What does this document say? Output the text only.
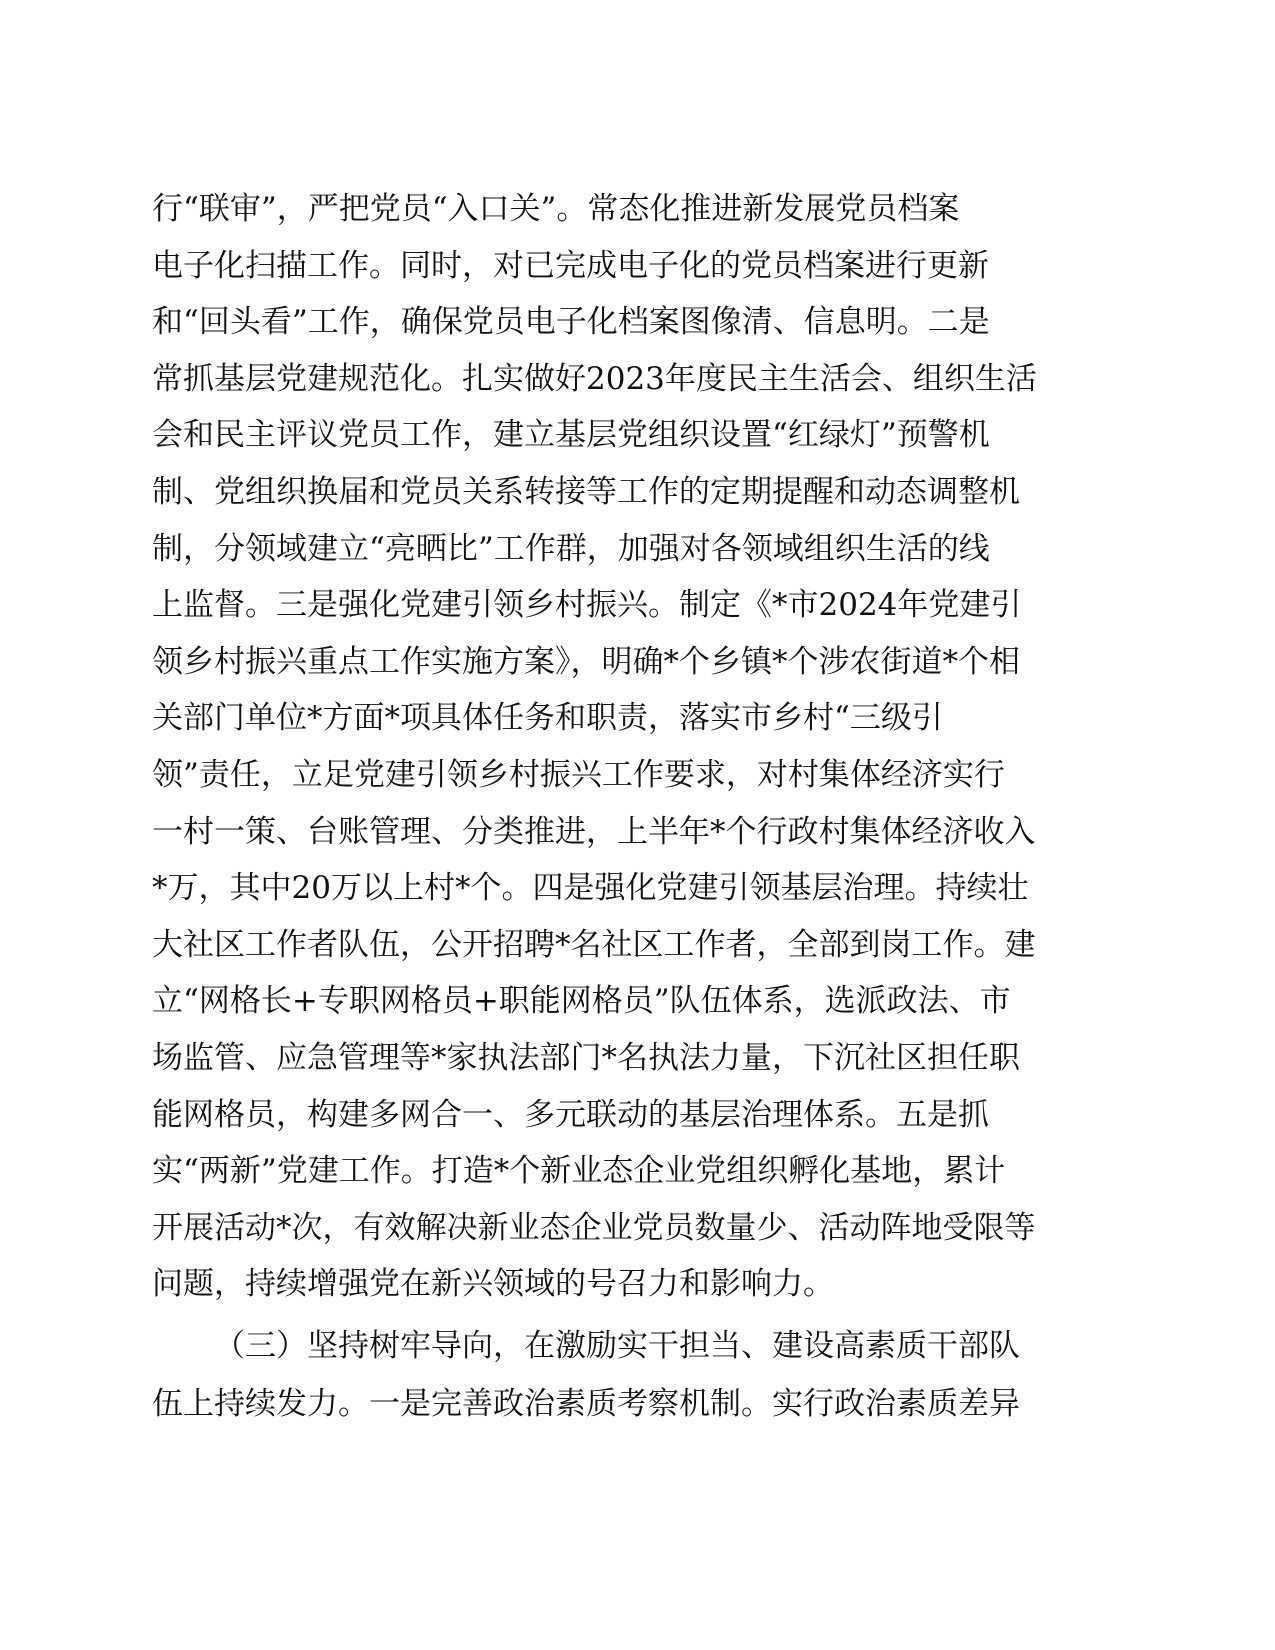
行“联审”，严把党员“入口关”。常态化推进新发展党员档案
电子化扫描工作。同时，对已完成电子化的党员档案进行更新
和“回头看”工作，确保党员电子化档案图像清、信息明。二是
常抓基层党建规范化。扎实做好2023年度民主生活会、组织生活
会和民主评议党员工作，建立基层党组织设置“红绿灯”预警机
制、党组织换届和党员关系转接等工作的定期提醒和动态调整机
制，分领域建立“亮晒比”工作群，加强对各领域组织生活的线
上监督。三是强化党建引领乡村振兴。制定《*市2024年党建引
领乡村振兴重点工作实施方案》，明确*个乡镇*个涉农街道*个相
关部门单位*方面*项具体任务和职责，落实市乡村“三级引
领”责任，立足党建引领乡村振兴工作要求，对村集体经济实行
一村一策、台账管理、分类推进，上半年*个行政村集体经济收入
*万，其中20万以上村*个。四是强化党建引领基层治理。持续壮
大社区工作者队伍，公开招聘*名社区工作者，全部到岗工作。建
立“网格长+专职网格员+职能网格员”队伍体系，选派政法、市
场监管、应急管理等*家执法部门*名执法力量，下沉社区担任职
能网格员，构建多网合一、多元联动的基层治理体系。五是抓
实“两新”党建工作。打造*个新业态企业党组织孵化基地，累计
开展活动*次，有效解决新业态企业党员数量少、活动阵地受限等
问题，持续增强党在新兴领域的号召力和影响力。
（三）坚持树牢导向，在激励实干担当、建设高素质干部队
伍上持续发力。一是完善政治素质考察机制。实行政治素质差异
